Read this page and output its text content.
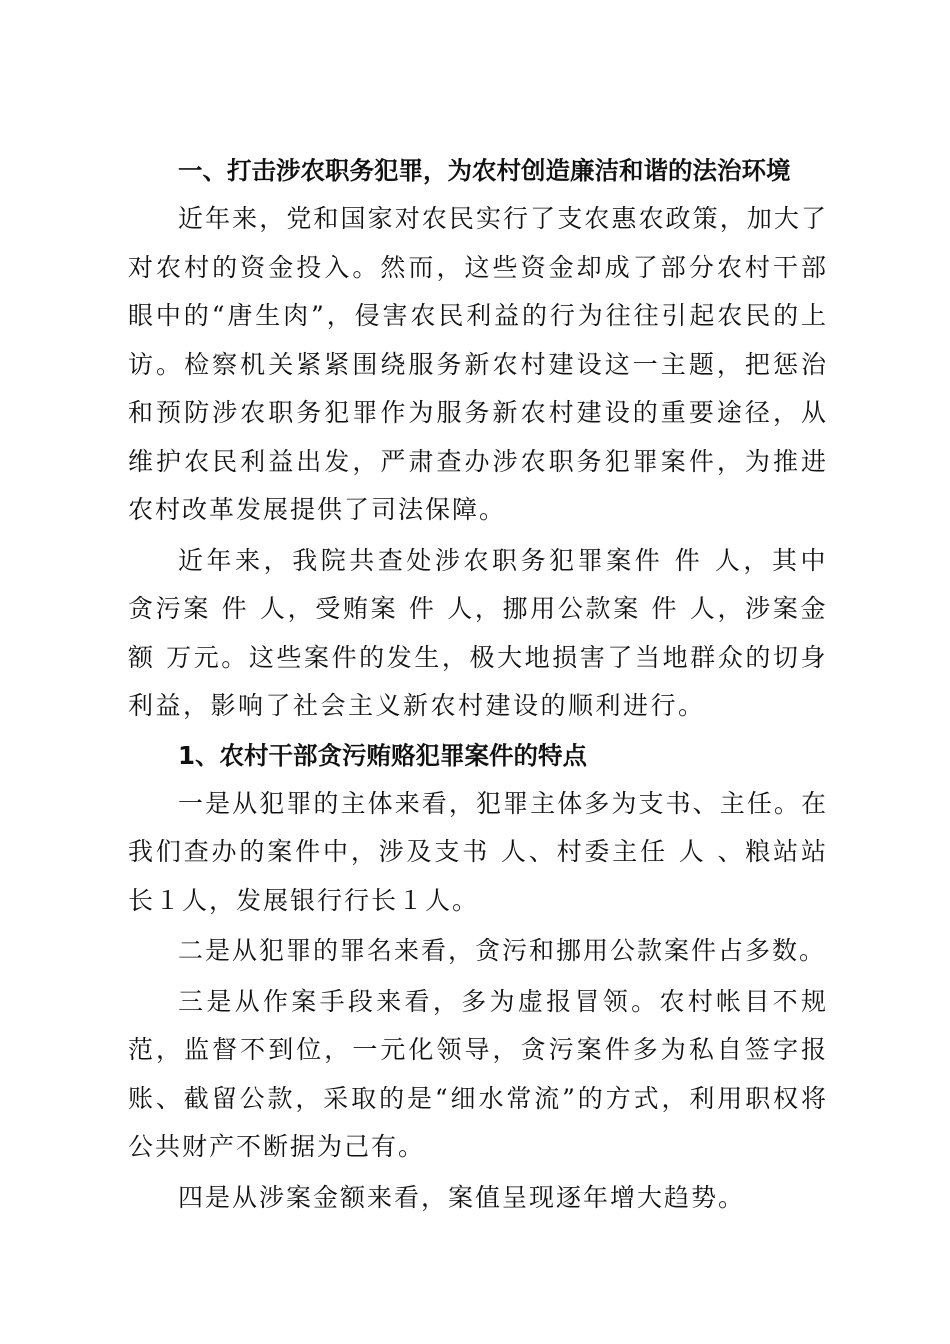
一、打击涉农职务犯罪，为农村创造廉洁和谐的法治环境

近年来，党和国家对农民实行了支农惠农政策，加大了对农村的资金投入。然而，这些资金却成了部分农村干部眼中的“唐生肉”，侵害农民利益的行为往往引起农民的上访。检察机关紧紧围绕服务新农村建设这一主题，把惩治和预防涉农职务犯罪作为服务新农村建设的重要途径，从维护农民利益出发，严肃查办涉农职务犯罪案件，为推进农村改革发展提供了司法保障。

近年来，我院共查处涉农职务犯罪案件 件 人，其中贪污案 件 人，受贿案 件 人，挪用公款案 件 人，涉案金额 万元。这些案件的发生，极大地损害了当地群众的切身利益，影响了社会主义新农村建设的顺利进行。

1、农村干部贪污贿赂犯罪案件的特点

一是从犯罪的主体来看，犯罪主体多为支书、主任。在我们查办的案件中，涉及支书 人、村委主任 人 、粮站站长１人，发展银行行长１人。

二是从犯罪的罪名来看，贪污和挪用公款案件占多数。

三是从作案手段来看，多为虚报冒领。农村帐目不规范，监督不到位，一元化领导，贪污案件多为私自签字报账、截留公款，采取的是“细水常流”的方式，利用职权将公共财产不断据为己有。

四是从涉案金额来看，案值呈现逐年增大趋势。
